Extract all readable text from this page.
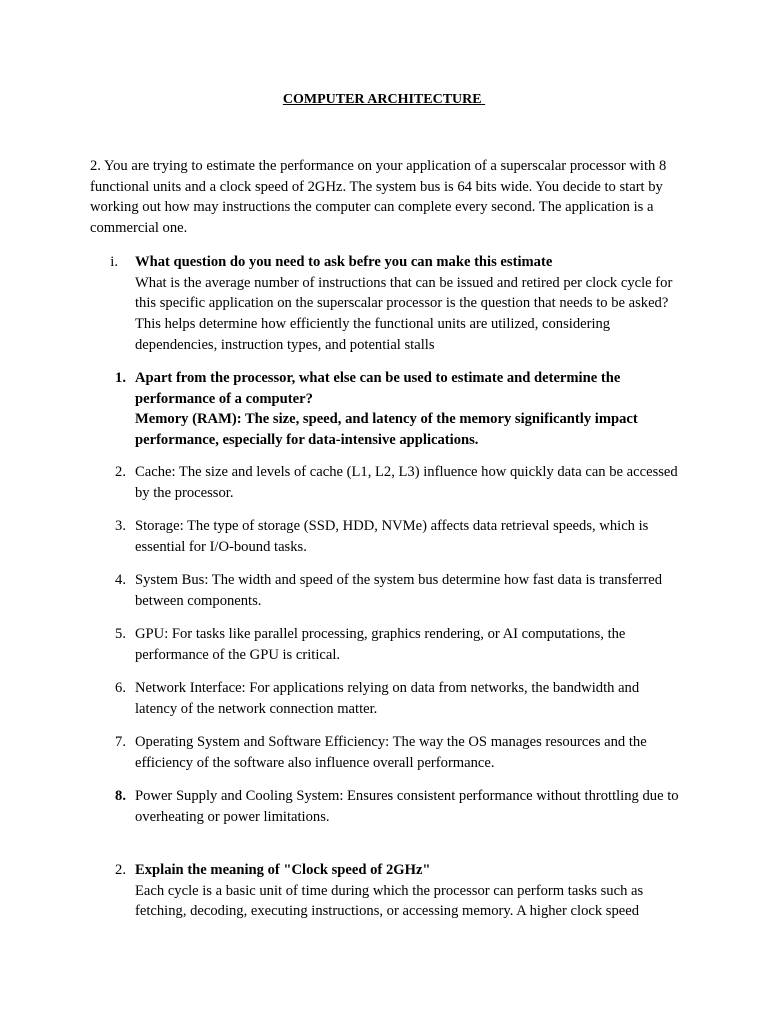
COMPUTER ARCHITECTURE

2. You are trying to estimate the performance on your application of a superscalar processor with 8 functional units and a clock speed of 2GHz. The system bus is 64 bits wide. You decide to start by working out how may instructions the computer can complete every second. The application is a commercial one.

i. What question do you need to ask befre you can make this estimate
What is the average number of instructions that can be issued and retired per clock cycle for this specific application on the superscalar processor is the question that needs to be asked? This helps determine how efficiently the functional units are utilized, considering dependencies, instruction types, and potential stalls
1. Apart from the processor, what else can be used to estimate and determine the performance of a computer?
Memory (RAM): The size, speed, and latency of the memory significantly impact performance, especially for data-intensive applications.
2. Cache: The size and levels of cache (L1, L2, L3) influence how quickly data can be accessed by the processor.
3. Storage: The type of storage (SSD, HDD, NVMe) affects data retrieval speeds, which is essential for I/O-bound tasks.
4. System Bus: The width and speed of the system bus determine how fast data is transferred between components.
5. GPU: For tasks like parallel processing, graphics rendering, or AI computations, the performance of the GPU is critical.
6. Network Interface: For applications relying on data from networks, the bandwidth and latency of the network connection matter.
7. Operating System and Software Efficiency: The way the OS manages resources and the efficiency of the software also influence overall performance.
8. Power Supply and Cooling System: Ensures consistent performance without throttling due to overheating or power limitations.
2. Explain the meaning of "Clock speed of 2GHz"
Each cycle is a basic unit of time during which the processor can perform tasks such as fetching, decoding, executing instructions, or accessing memory. A higher clock speed
